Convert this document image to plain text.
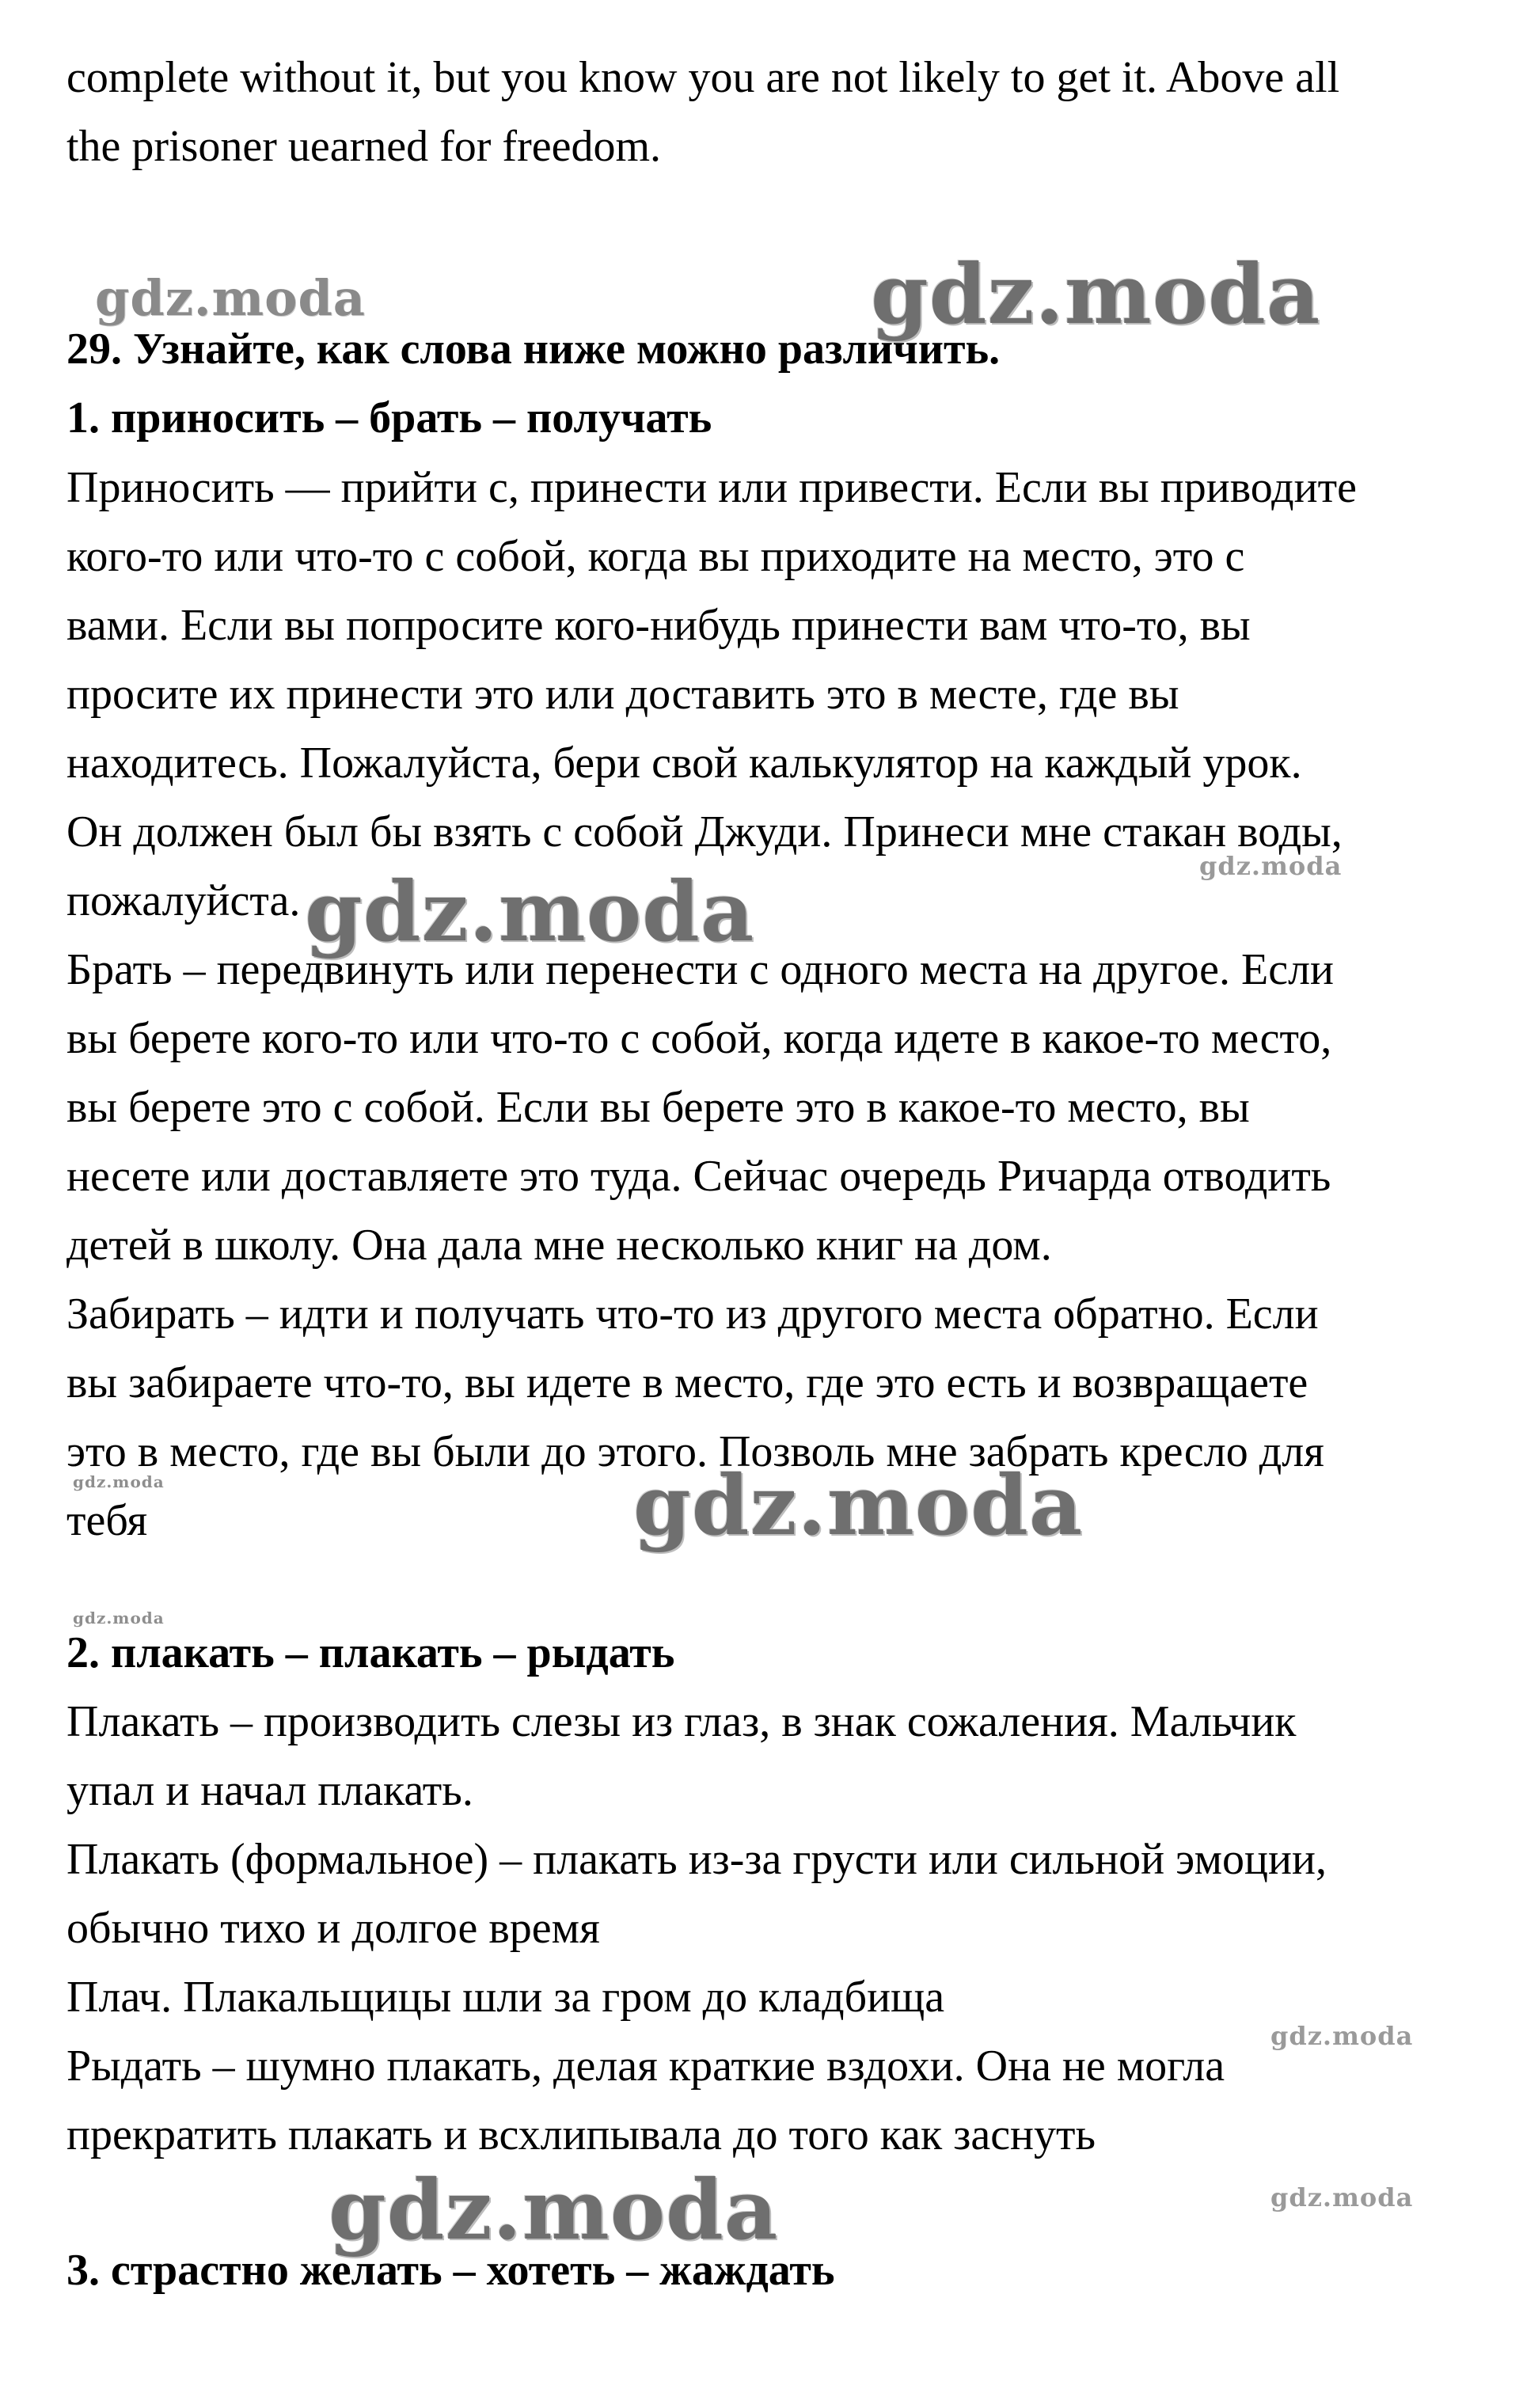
complete without it, but you know you are not likely to get it. Above all
the prisoner uearned for freedom.
gdz.moda	gdz.moda
29. Узнайте, как слова ниже можно различить.
1. приносить – брать – получать
Приносить — прийти с, принести или привести. Если вы приводите
кого-то или что-то с собой, когда вы приходите на место, это с
вами. Если вы попросите кого-нибудь принести вам что-то, вы
просите их принести это или доставить это в месте, где вы
находитесь. Пожалуйста, бери свой калькулятор на каждый урок.
Он должен был бы взять с собой Джуди. Принеси мне стакан воды,
пожалуйста. gdz.moda	gdz.moda
Брать – передвинуть или перенести с одного места на другое. Если
вы берете кого-то или что-то с собой, когда идете в какое-то место,
вы берете это с собой. Если вы берете это в какое-то место, вы
несете или доставляете это туда. Сейчас очередь Ричарда отводить
детей в школу. Она дала мне несколько книг на дом.
Забирать – идти и получать что-то из другого места обратно. Если
вы забираете что-то, вы идете в место, где это есть и возвращаете
это в место, где вы были до этого. Позволь мне забрать кресло для
gdz.moda
тебя	gdz.moda
gdz.moda
2. плакать – плакать – рыдать
Плакать – производить слезы из глаз, в знак сожаления. Мальчик
упал и начал плакать.
Плакать (формальное) – плакать из-за грусти или сильной эмоции,
обычно тихо и долгое время
Плач. Плакальщицы шли за гром до кладбища
gdz.moda
Рыдать – шумно плакать, делая краткие вздохи. Она не могла
прекратить плакать и всхлипывала до того как заснуть
gdz.moda	gdz.moda
3. страстно желать – хотеть – жаждать
